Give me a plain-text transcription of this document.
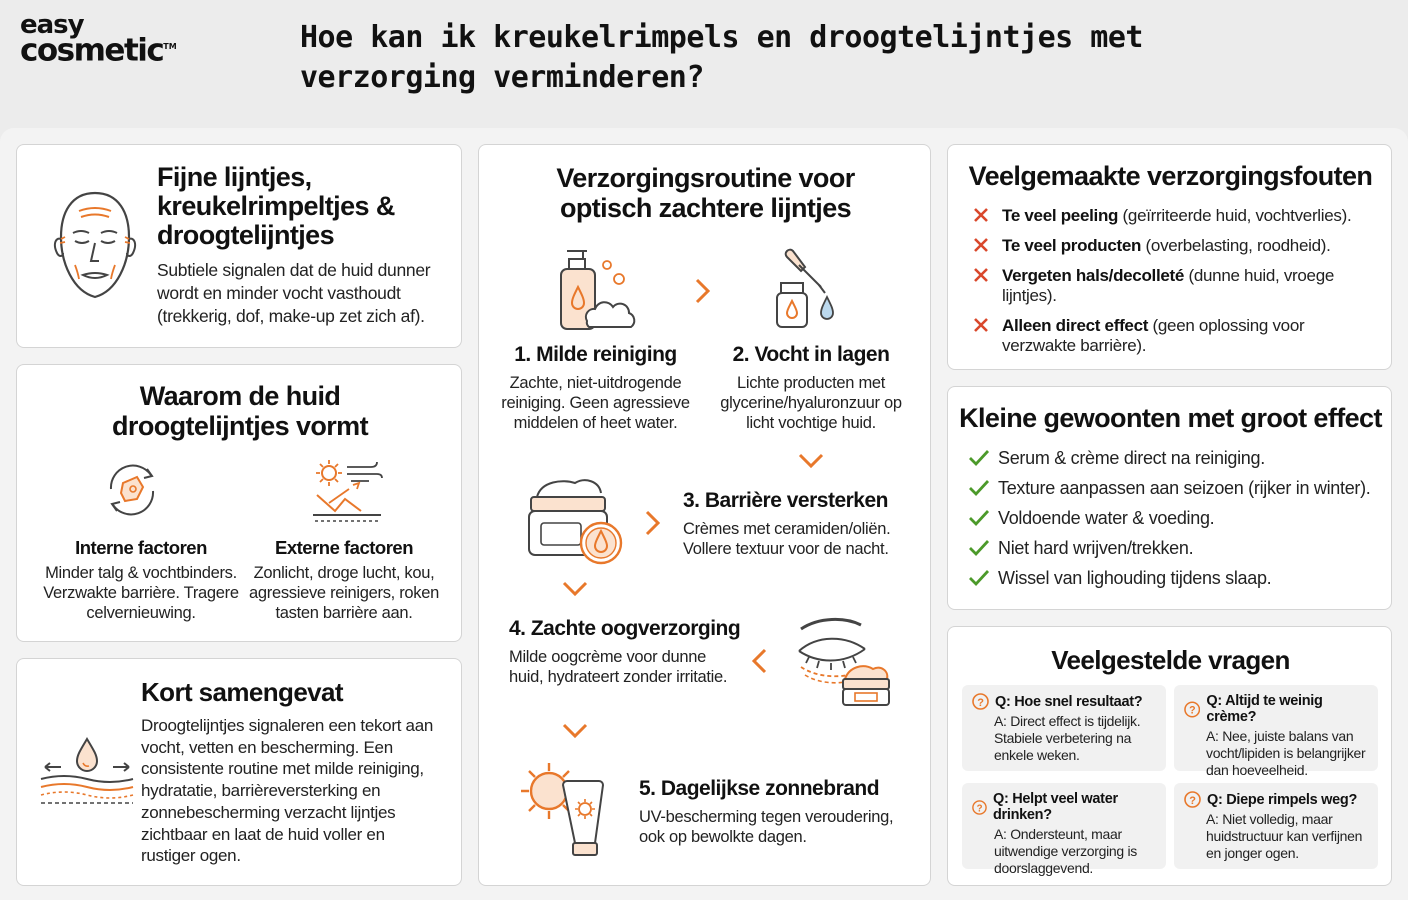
easy
cosmetic™	Hoe kan ik kreukelrimpels en droogtelijntjes met verzorging verminderen?
Fijne lijntjes, kreukelrimpeltjes & droogtelijntjes
Subtiele signalen dat de huid dunner wordt en minder vocht vasthoudt (trekkerig, dof, make-up zet zich af).
Waarom de huid droogtelijntjes vormt
Interne factoren
Minder talg & vochtbinders. Verzwakte barrière. Tragere celvernieuwing.
Externe factoren
Zonlicht, droge lucht, kou, agressieve reinigers, roken tasten barrière aan.
Kort samengevat
Droogtelijntjes signaleren een tekort aan vocht, vetten en bescherming. Een consistente routine met milde reiniging, hydratatie, barrièreversterking en zonnebescherming verzacht lijntjes zichtbaar en laat de huid voller en rustiger ogen.
Verzorgingsroutine voor optisch zachtere lijntjes
1. Milde reiniging
Zachte, niet-uitdrogende reiniging. Geen agressieve middelen of heet water.
2. Vocht in lagen
Lichte producten met glycerine/hyaluronzuur op licht vochtige huid.
3. Barrière versterken
Crèmes met ceramiden/oliën. Vollere textuur voor de nacht.
4. Zachte oogverzorging
Milde oogcrème voor dunne huid, hydrateert zonder irritatie.
5. Dagelijkse zonnebrand
UV-bescherming tegen veroudering, ook op bewolkte dagen.
Veelgemaakte verzorgingsfouten
Te veel peeling (geïrriteerde huid, vochtverlies).
Te veel producten (overbelasting, roodheid).
Vergeten hals/decolleté (dunne huid, vroege lijntjes).
Alleen direct effect (geen oplossing voor verzwakte barrière).
Kleine gewoonten met groot effect
Serum & crème direct na reiniging.
Texture aanpassen aan seizoen (rijker in winter).
Voldoende water & voeding.
Niet hard wrijven/trekken.
Wissel van lighouding tijdens slaap.
Veelgestelde vragen
? Q: Hoe snel resultaat?
A: Direct effect is tijdelijk. Stabiele verbetering na enkele weken.
?
Q: Altijd te weinig crème?
A: Nee, juiste balans van vocht/lipiden is belangrijker dan hoeveelheid.
?
Q: Helpt veel water drinken?
A: Ondersteunt, maar uitwendige verzorging is doorslaggevend.
? Q: Diepe rimpels weg?
A: Niet volledig, maar huidstructuur kan verfijnen en jonger ogen.
